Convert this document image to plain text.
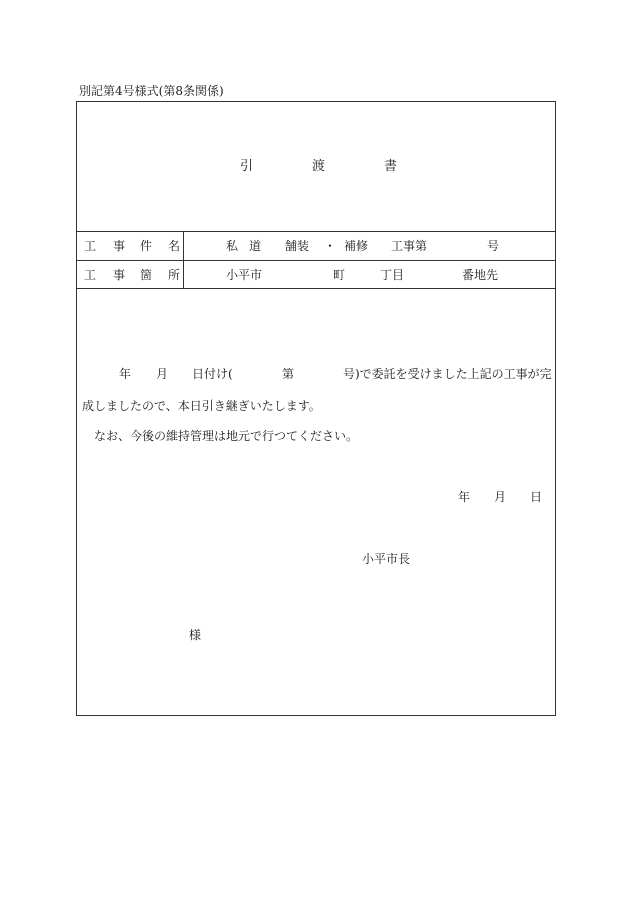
別記第4号様式(第8条関係)
引	渡	書
工 事 件 名	私 道 舗装 ・ 補修 工事第	号
工 事 箇 所	小平市	町	丁目	番地先
年 月 日付け(	第	号)で委託を受けました上記の工事が完
成しましたので、本日引き継ぎいたします。
なお、今後の維持管理は地元で行つてください。
年 月 日
小平市長
様
